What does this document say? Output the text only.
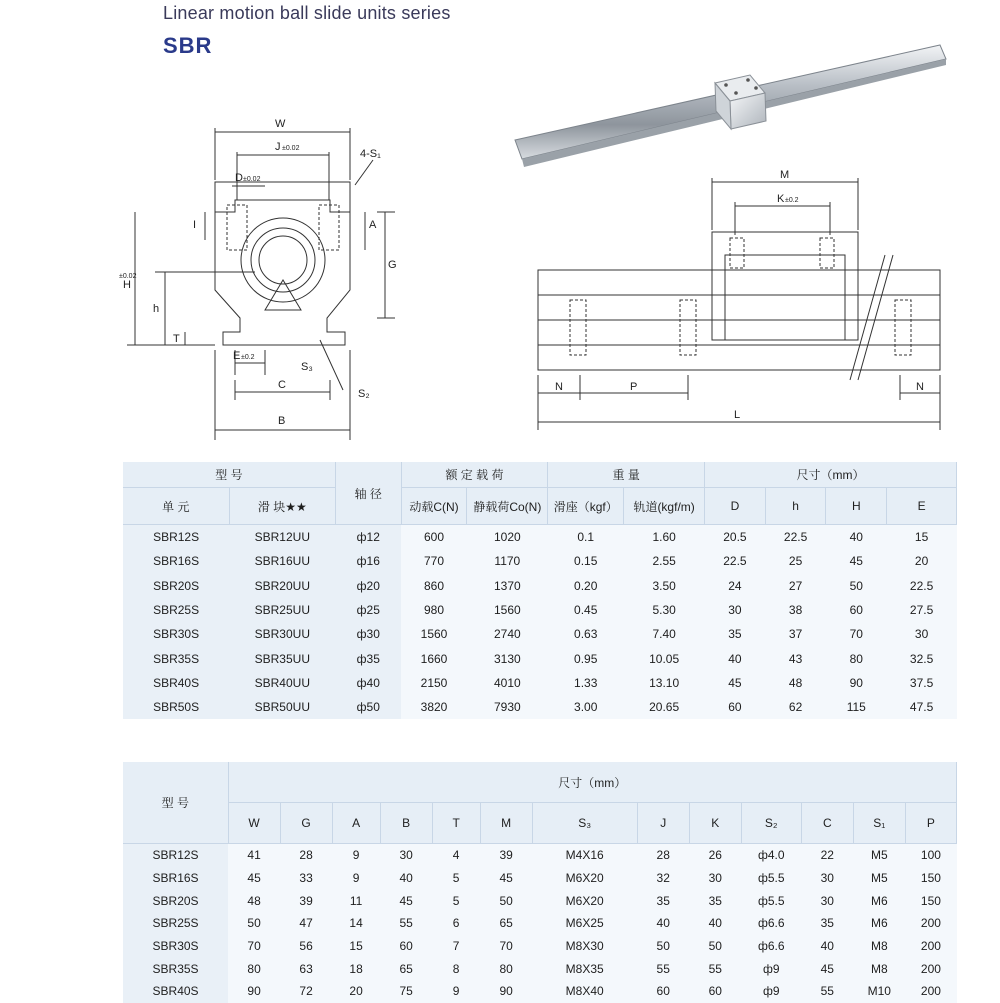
Linear motion ball slide units series
SBR
W
J ±0.02	4-S₁
D ±0.02
I	A
G
H
±0.02
h
T
E ±0.2
S₃
C
S₂
B
M
K ±0.2
N	P	N
L
型 号		轴 径	额 定 载 荷		重 量		尺寸（mm）			
单 元	滑 块★★		动载C(N)	静载荷Co(N)	滑座（kgf）	轨道(kgf/m)	D	h	H	E
SBR12S	SBR12UU	ф12	600	1020	0.1	1.60	20.5	22.5	40	15
SBR16S	SBR16UU	ф16	770	1170	0.15	2.55	22.5	25	45	20
SBR20S	SBR20UU	ф20	860	1370	0.20	3.50	24	27	50	22.5
SBR25S	SBR25UU	ф25	980	1560	0.45	5.30	30	38	60	27.5
SBR30S	SBR30UU	ф30	1560	2740	0.63	7.40	35	37	70	30
SBR35S	SBR35UU	ф35	1660	3130	0.95	10.05	40	43	80	32.5
SBR40S	SBR40UU	ф40	2150	4010	1.33	13.10	45	48	90	37.5
SBR50S	SBR50UU	ф50	3820	7930	3.00	20.65	60	62	115	47.5
型 号	尺寸（mm）												
	W	G	A	B	T	M	S₃	J	K	S₂	C	S₁	P
SBR12S	41	28	9	30	4	39	M4X16	28	26	ф4.0	22	M5	100
SBR16S	45	33	9	40	5	45	M6X20	32	30	ф5.5	30	M5	150
SBR20S	48	39	11	45	5	50	M6X20	35	35	ф5.5	30	M6	150
SBR25S	50	47	14	55	6	65	M6X25	40	40	ф6.6	35	M6	200
SBR30S	70	56	15	60	7	70	M8X30	50	50	ф6.6	40	M8	200
SBR35S	80	63	18	65	8	80	M8X35	55	55	ф9	45	M8	200
SBR40S	90	72	20	75	9	90	M8X40	60	60	ф9	55	M10	200
